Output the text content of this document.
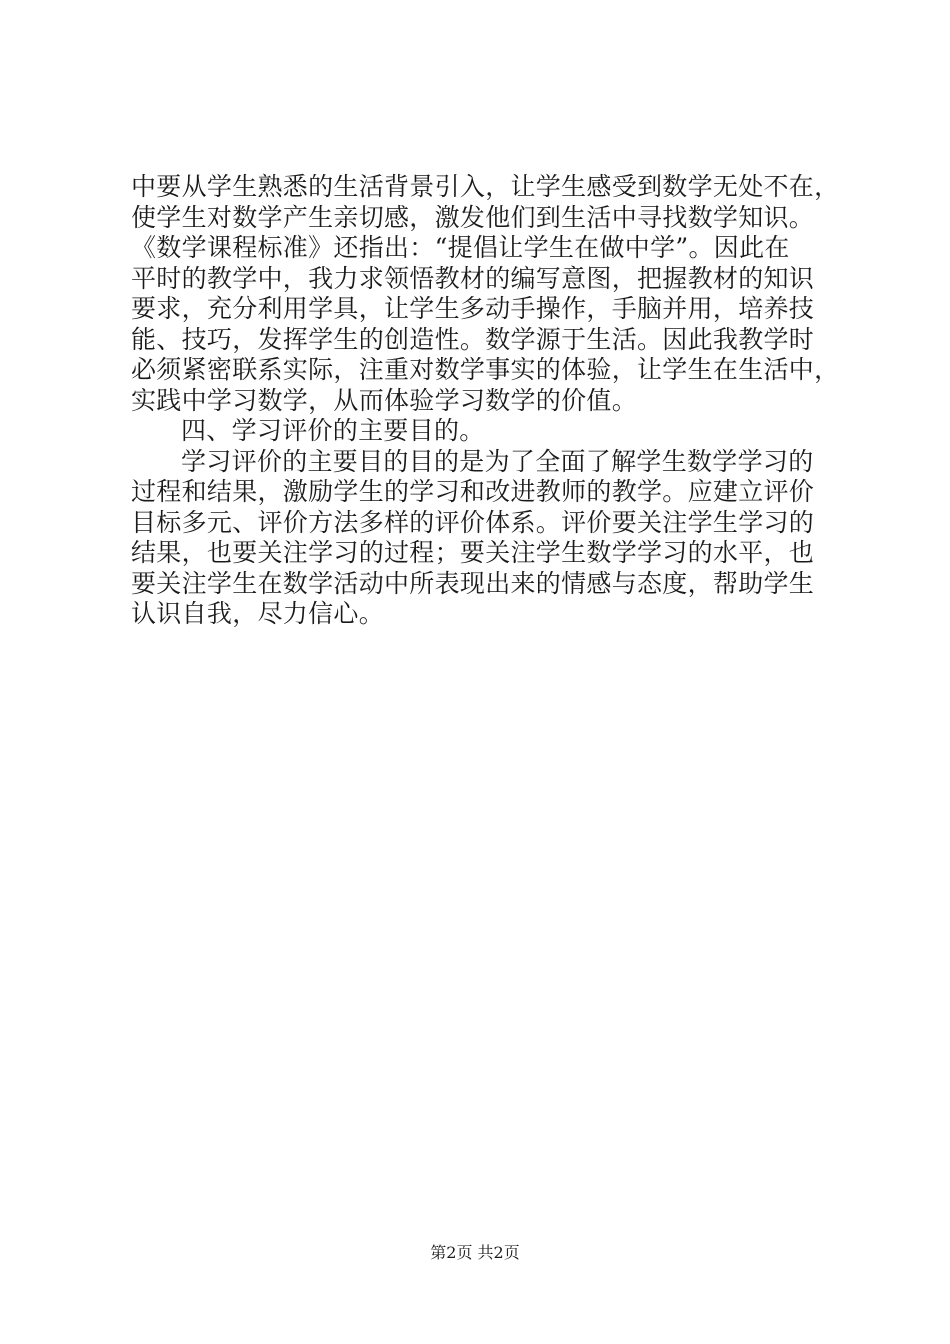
中要从学生熟悉的生活背景引入，让学生感受到数学无处不在，
使学生对数学产生亲切感，激发他们到生活中寻找数学知识。
《数学课程标准》还指出：“提倡让学生在做中学”。因此在
平时的教学中，我力求领悟教材的编写意图，把握教材的知识
要求，充分利用学具，让学生多动手操作，手脑并用，培养技
能、技巧，发挥学生的创造性。数学源于生活。因此我教学时
必须紧密联系实际，注重对数学事实的体验，让学生在生活中，
实践中学习数学，从而体验学习数学的价值。
四、学习评价的主要目的。
学习评价的主要目的目的是为了全面了解学生数学学习的
过程和结果，激励学生的学习和改进教师的教学。应建立评价
目标多元、评价方法多样的评价体系。评价要关注学生学习的
结果，也要关注学习的过程；要关注学生数学学习的水平，也
要关注学生在数学活动中所表现出来的情感与态度，帮助学生
认识自我，尽力信心。
第2页 共2页
